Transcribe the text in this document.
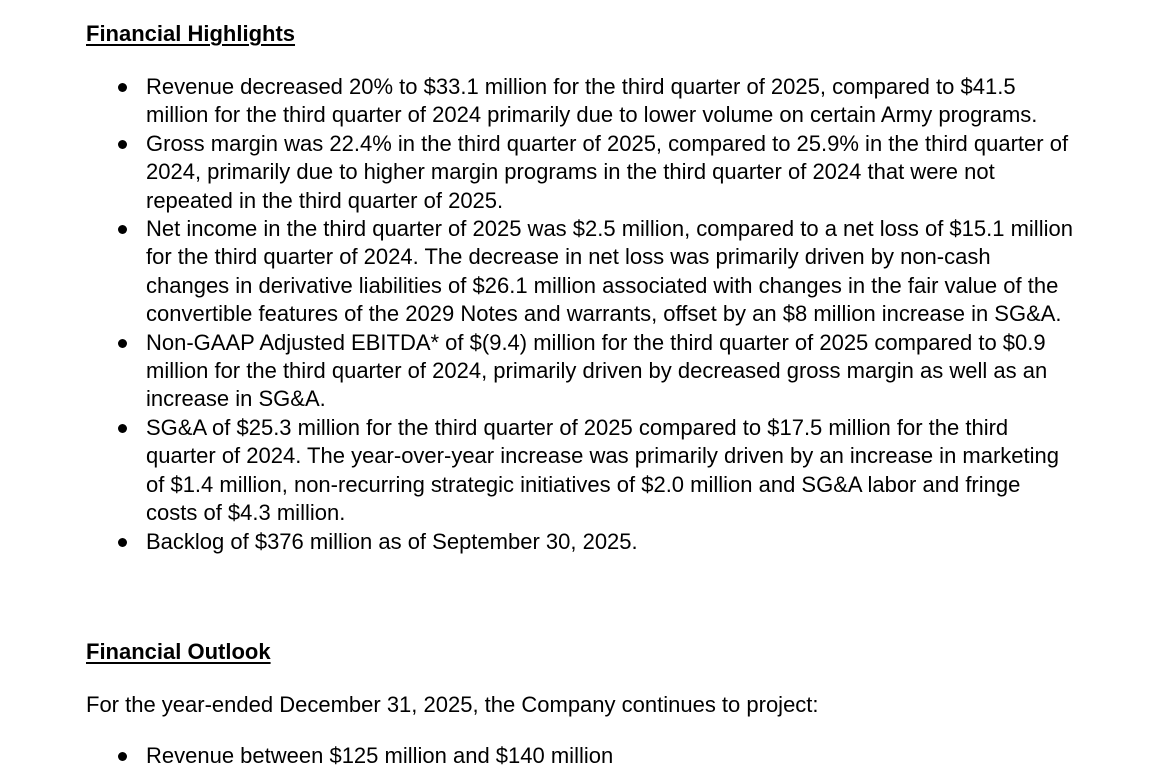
Financial Highlights
Revenue decreased 20% to $33.1 million for the third quarter of 2025, compared to $41.5 million for the third quarter of 2024 primarily due to lower volume on certain Army programs.
Gross margin was 22.4% in the third quarter of 2025, compared to 25.9% in the third quarter of 2024, primarily due to higher margin programs in the third quarter of 2024 that were not repeated in the third quarter of 2025.
Net income in the third quarter of 2025 was $2.5 million, compared to a net loss of $15.1 million for the third quarter of 2024. The decrease in net loss was primarily driven by non-cash changes in derivative liabilities of $26.1 million associated with changes in the fair value of the convertible features of the 2029 Notes and warrants, offset by an $8 million increase in SG&A.
Non-GAAP Adjusted EBITDA* of $(9.4) million for the third quarter of 2025 compared to $0.9 million for the third quarter of 2024, primarily driven by decreased gross margin as well as an increase in SG&A.
SG&A of $25.3 million for the third quarter of 2025 compared to $17.5 million for the third quarter of 2024. The year-over-year increase was primarily driven by an increase in marketing of $1.4 million, non-recurring strategic initiatives of $2.0 million and SG&A labor and fringe costs of $4.3 million.
Backlog of $376 million as of September 30, 2025.
Financial Outlook

For the year-ended December 31, 2025, the Company continues to project:

Revenue between $125 million and $140 million
